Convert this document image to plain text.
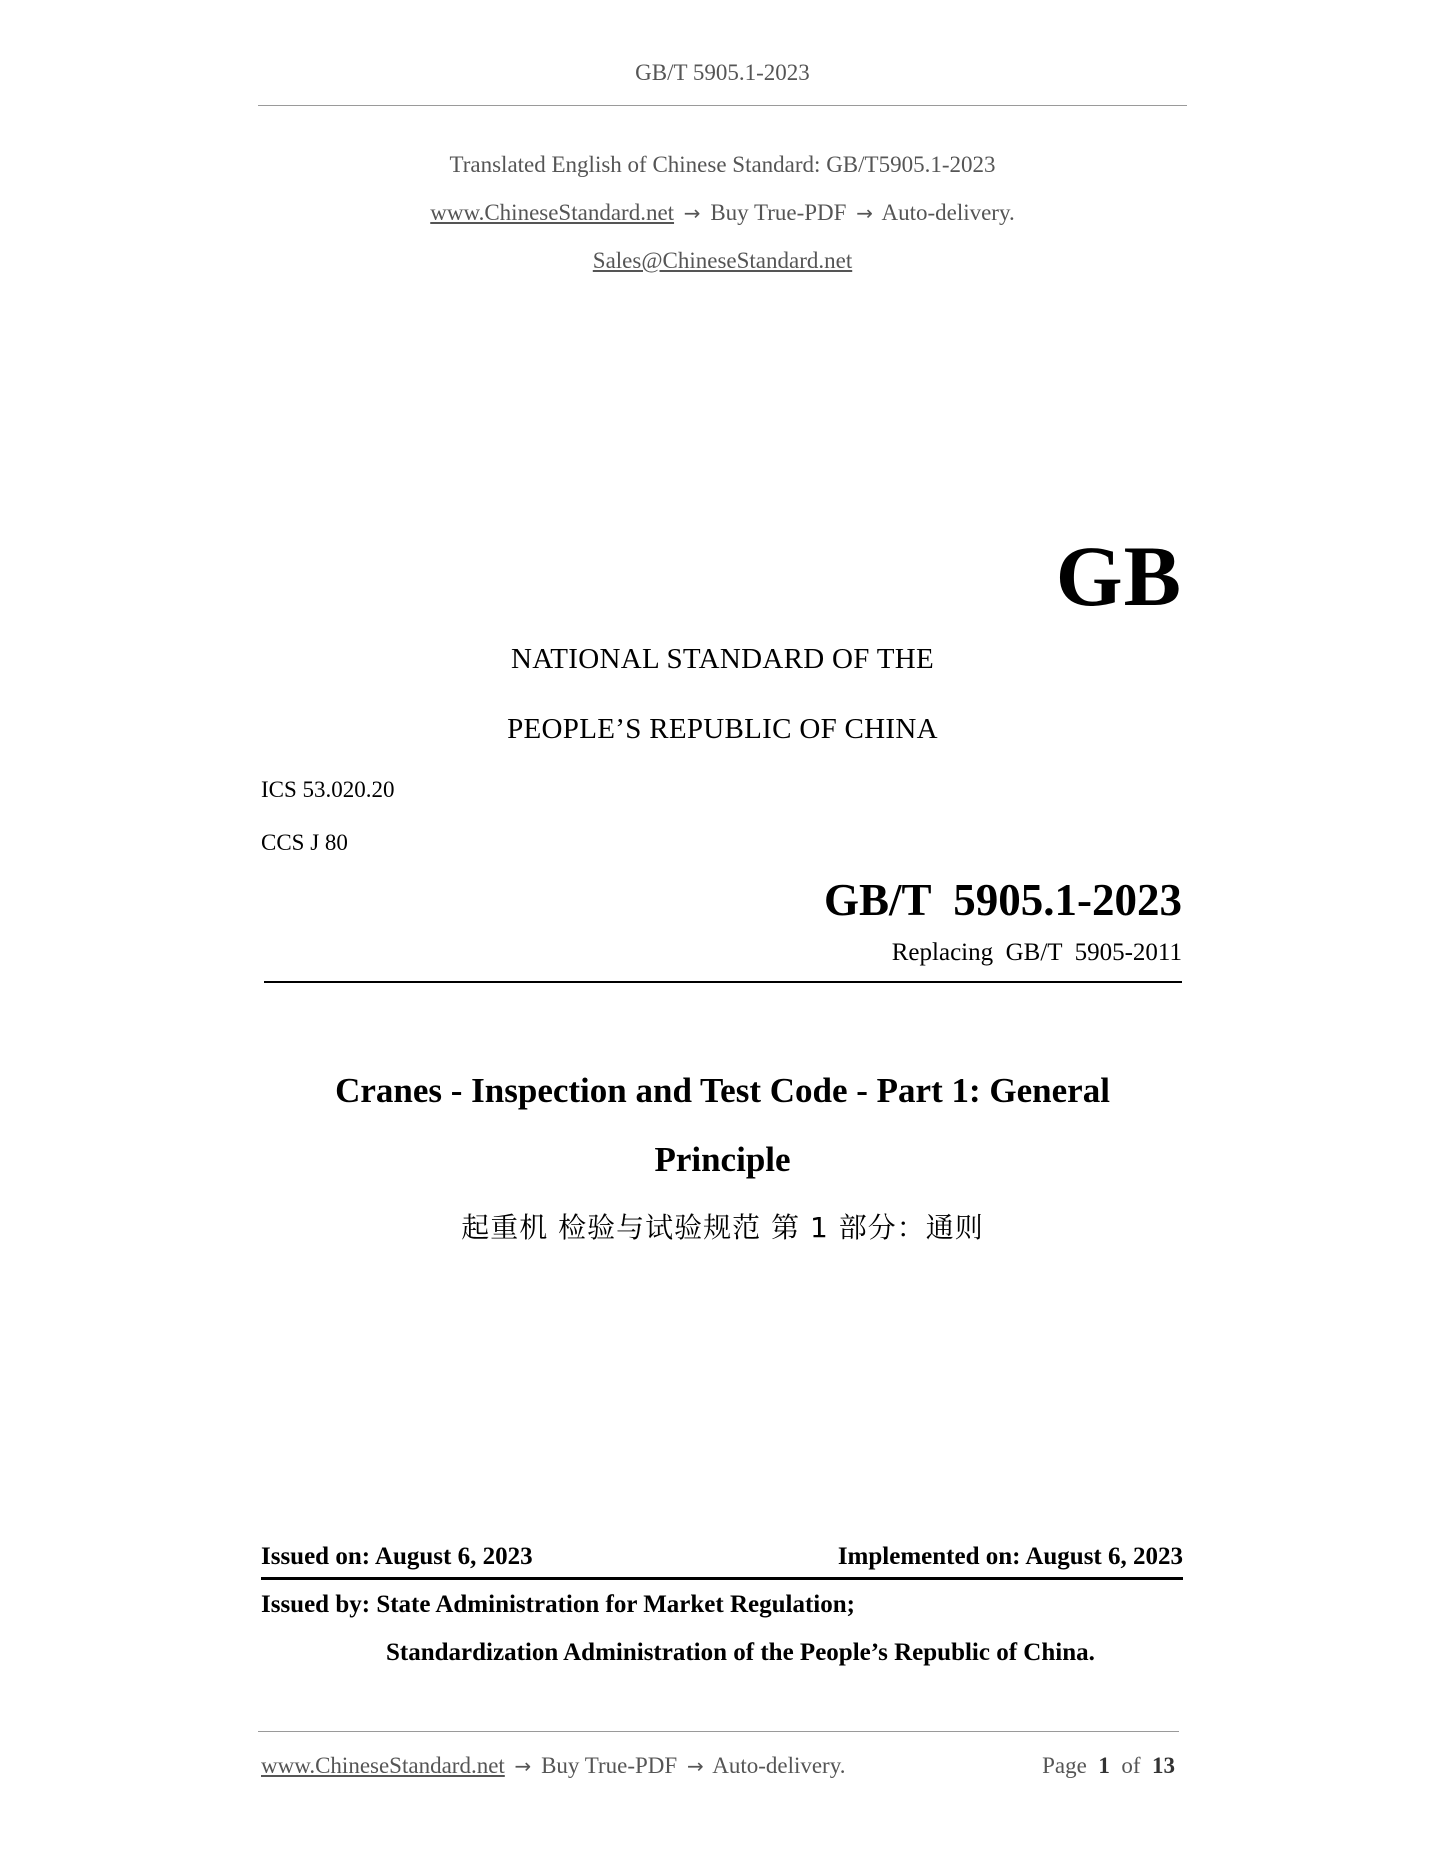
GB/T 5905.1-2023
Translated English of Chinese Standard: GB/T5905.1-2023
www.ChineseStandard.net → Buy True-PDF → Auto-delivery.
Sales@ChineseStandard.net
GB
NATIONAL STANDARD OF THE
PEOPLE’S REPUBLIC OF CHINA
ICS 53.020.20
CCS J 80
GB/T  5905.1-2023
Replacing  GB/T  5905-2011
Cranes - Inspection and Test Code - Part 1: General
Principle
起重机 检验与试验规范 第 1 部分：通则
Issued on: August 6, 2023	Implemented on: August 6, 2023
Issued by: State Administration for Market Regulation;
Standardization Administration of the People’s Republic of China.
www.ChineseStandard.net → Buy True-PDF → Auto-delivery.	Page 1 of 13
